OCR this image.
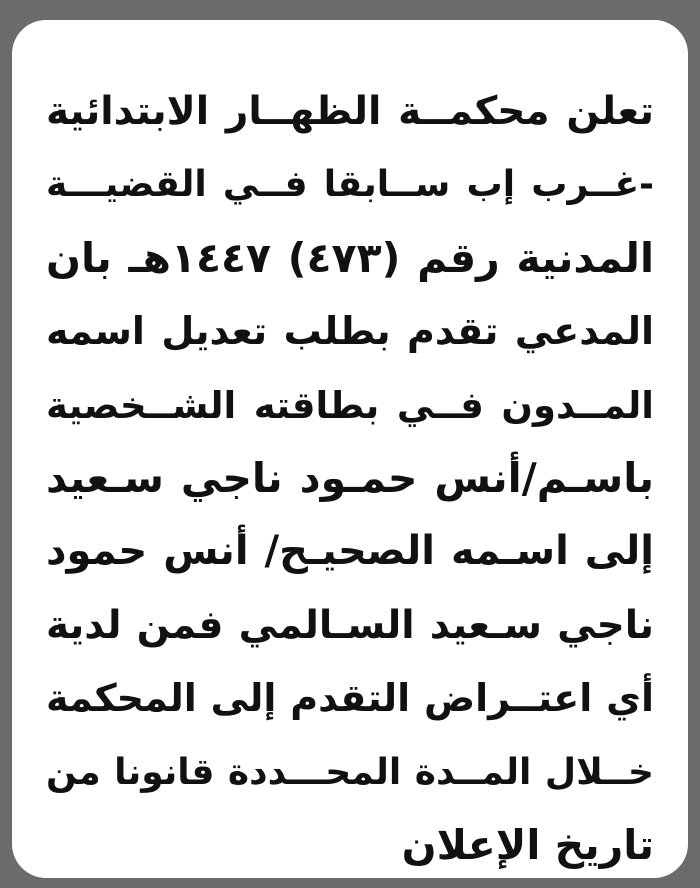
تعلن محكمــة الظهــار الابتدائية
-غــرب إب ســابقا فــي القضيـــة
المدنية رقم (٤٧٣) ١٤٤٧هـ بان
المدعي تقدم بطلب تعديل اسمه
المــدون فــي بطاقته الشــخصية
باسـم/أنس حمـود ناجي سـعيد
إلى اسـمه الصحيـح/ أنس حمود
ناجي سـعيد السـالمي فمن لدية
أي اعتــراض التقدم إلى المحكمة
خــلال المــدة المحـــددة قانونا من
تاريخ الإعلان
